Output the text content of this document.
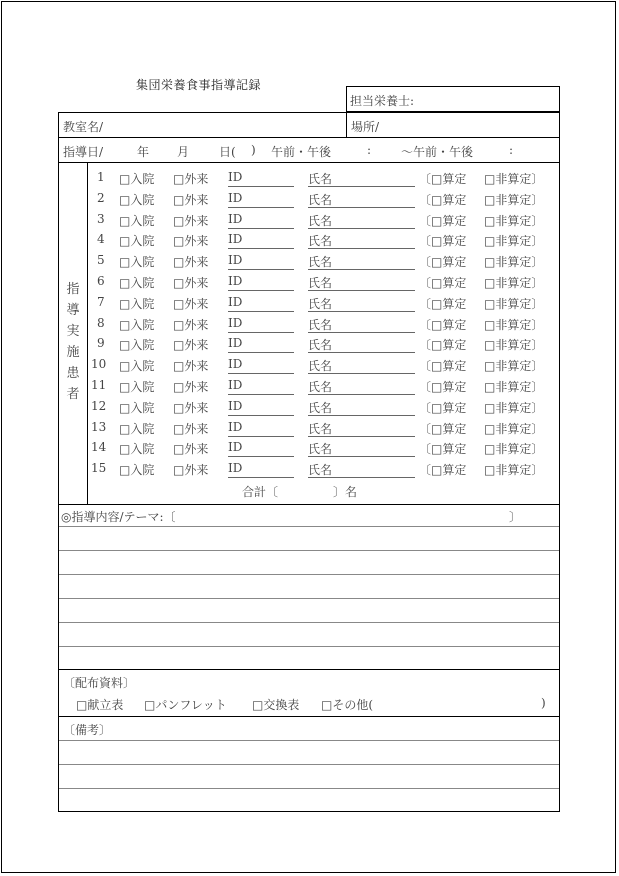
集団栄養食事指導記録
担当栄養士:
教室名/	場所/
指導日/	年 月 日( ) 午前・午後	: 〜午前・午後	:
指
導
実
施
患
者
1 □入院 □外来 ID	氏名	〔□算定 □非算定〕
2 □入院 □外来 ID	氏名	〔□算定 □非算定〕
3 □入院 □外来 ID	氏名	〔□算定 □非算定〕
4 □入院 □外来 ID	氏名	〔□算定 □非算定〕
5 □入院 □外来 ID	氏名	〔□算定 □非算定〕
6 □入院 □外来 ID	氏名	〔□算定 □非算定〕
7 □入院 □外来 ID	氏名	〔□算定 □非算定〕
8 □入院 □外来 ID	氏名	〔□算定 □非算定〕
9 □入院 □外来 ID	氏名	〔□算定 □非算定〕
10 □入院 □外来 ID	氏名	〔□算定 □非算定〕
11 □入院 □外来 ID	氏名	〔□算定 □非算定〕
12 □入院 □外来 ID	氏名	〔□算定 □非算定〕
13 □入院 □外来 ID	氏名	〔□算定 □非算定〕
14 □入院 □外来 ID	氏名	〔□算定 □非算定〕
15 □入院 □外来 ID	氏名	〔□算定 □非算定〕
合計〔	〕名
◎指導内容/テーマ:〔	〕
〔配布資料〕
□献立表 □パンフレット □交換表 □その他(	)
〔備考〕
